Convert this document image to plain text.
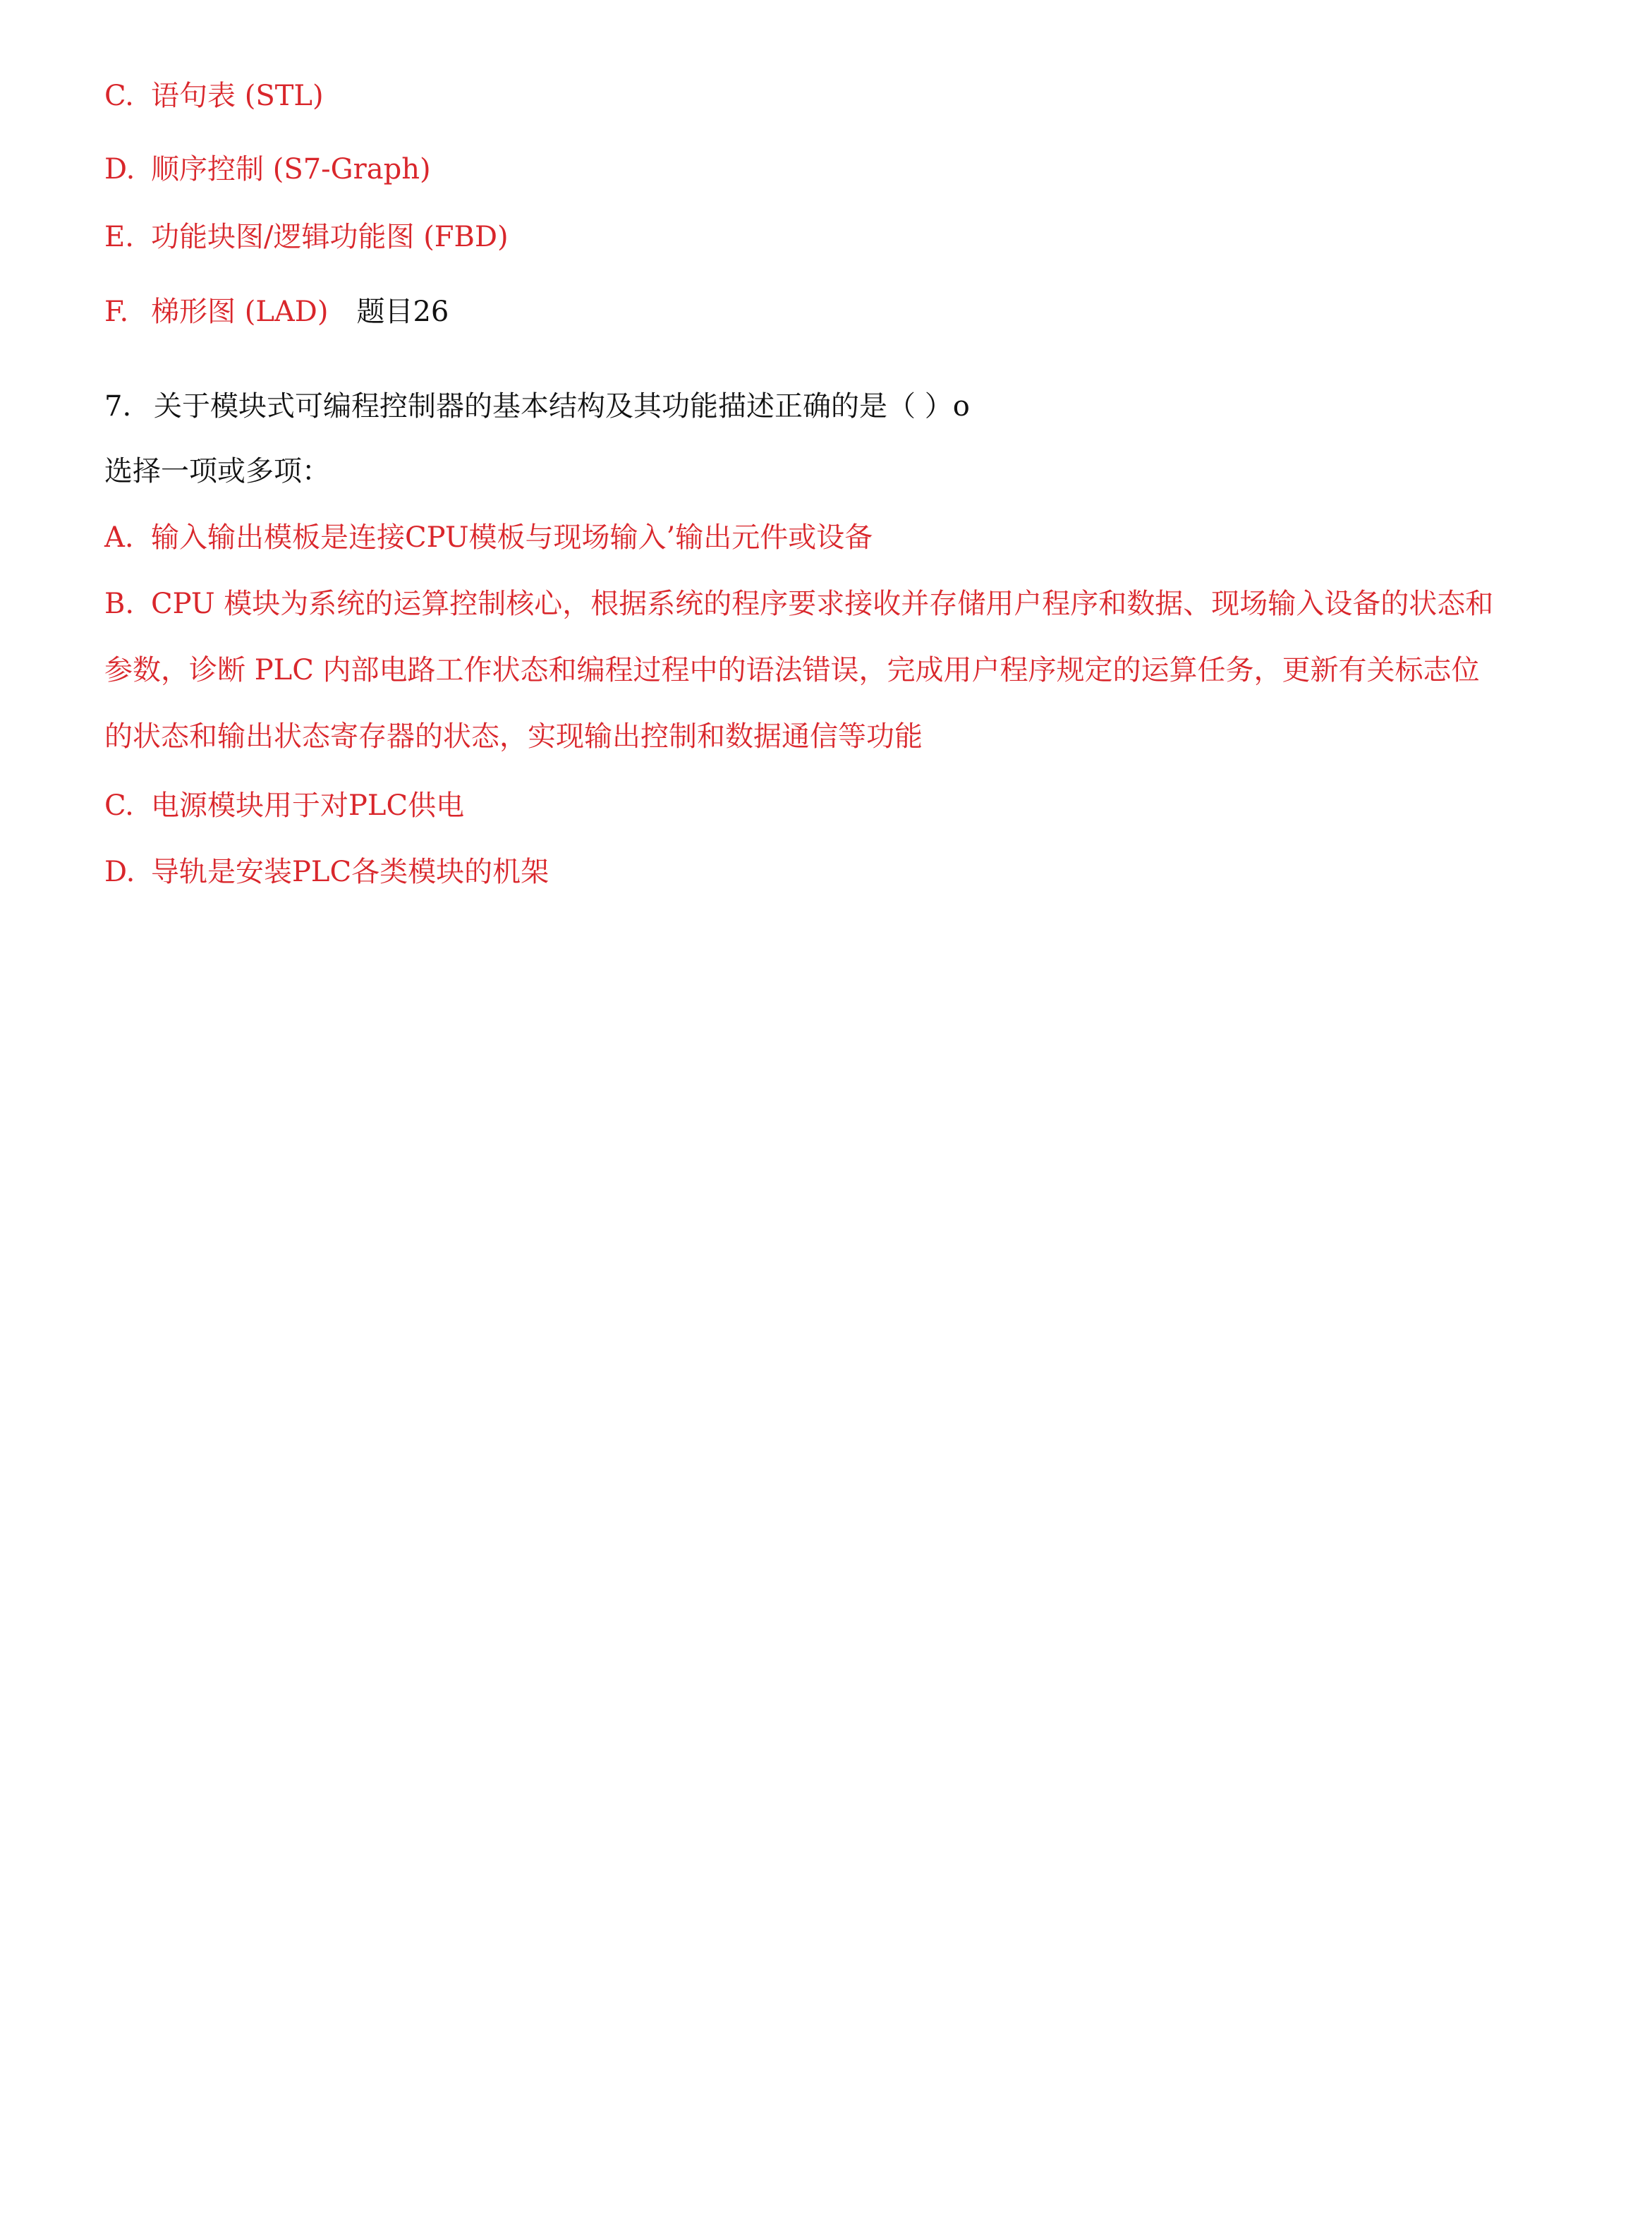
C. 语句表 (STL)
D. 顺序控制 (S7-Graph)
E. 功能块图/逻辑功能图 (FBD)
F. 梯形图 (LAD) 题目26
7. 关于模块式可编程控制器的基本结构及其功能描述正确的是（ ）o
选择一项或多项：
A. 输入输出模板是连接CPU模板与现场输入’输出元件或设备
B. CPU 模块为系统的运算控制核心，根据系统的程序要求接收并存储用户程序和数据、现场输入设备的状态和
参数，诊断 PLC 内部电路工作状态和编程过程中的语法错误，完成用户程序规定的运算任务，更新有关标志位
的状态和输出状态寄存器的状态，实现输出控制和数据通信等功能
C. 电源模块用于对PLC供电
D. 导轨是安装PLC各类模块的机架
